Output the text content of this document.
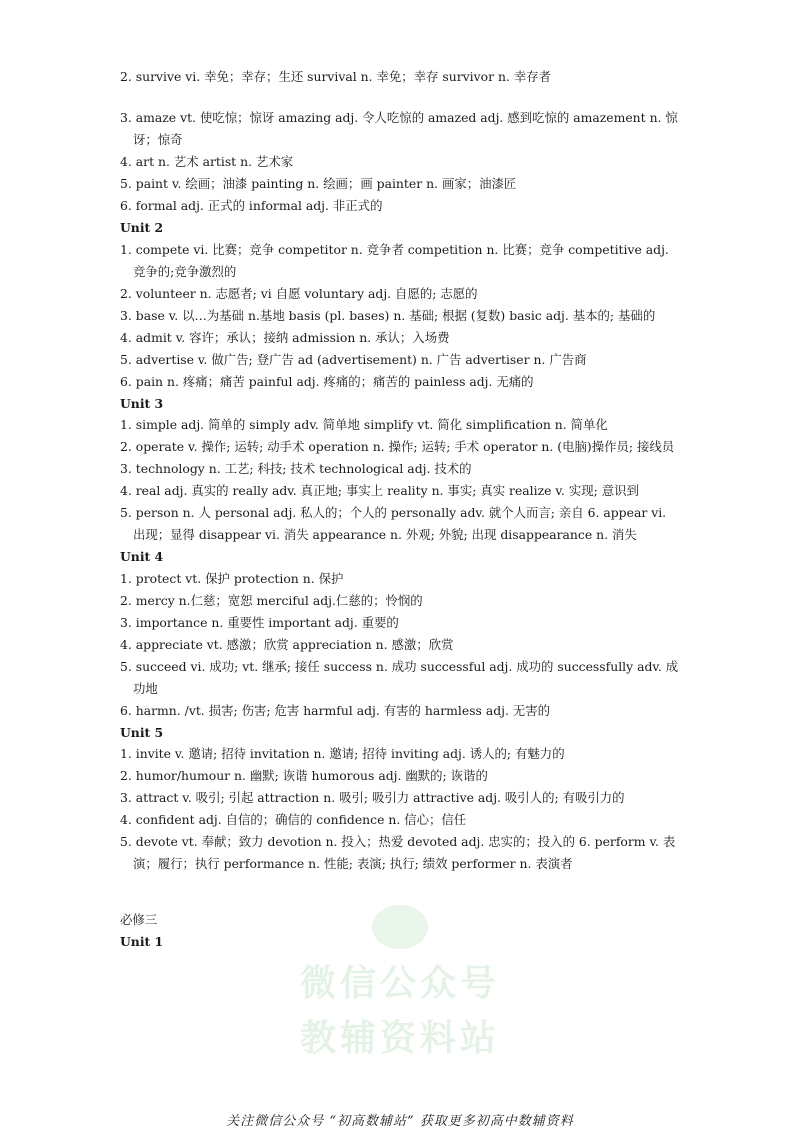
微信公众号
教辅资料站
2. survive vi. 幸免；幸存；生还 survival n. 幸免；幸存 survivor n. 幸存者
3. amaze vt. 使吃惊；惊讶 amazing adj. 令人吃惊的 amazed adj. 感到吃惊的 amazement n. 惊讶；惊奇
4. art n. 艺术 artist n. 艺术家
5. paint v. 绘画；油漆 painting n. 绘画；画 painter n. 画家；油漆匠
6. formal adj. 正式的 informal adj. 非正式的
Unit 2
1. compete vi. 比赛；竞争 competitor n. 竞争者 competition n. 比赛；竞争 competitive adj. 竞争的;竞争激烈的
2. volunteer n. 志愿者; vi 自愿 voluntary adj. 自愿的; 志愿的
3. base v. 以…为基础 n.基地 basis (pl. bases) n. 基础; 根据 (复数) basic adj. 基本的; 基础的
4. admit v. 容许；承认；接纳 admission n. 承认；入场费
5. advertise v. 做广告; 登广告 ad (advertisement) n. 广告 advertiser n. 广告商
6. pain n. 疼痛；痛苦 painful adj. 疼痛的；痛苦的 painless adj. 无痛的
Unit 3
1. simple adj. 简单的 simply adv. 简单地 simplify vt. 简化 simplification n. 简单化
2. operate v. 操作; 运转; 动手术 operation n. 操作; 运转; 手术 operator n. (电脑)操作员; 接线员
3. technology n. 工艺; 科技; 技术 technological adj. 技术的
4. real adj. 真实的 really adv. 真正地; 事实上 reality n. 事实; 真实 realize v. 实现; 意识到
5. person n. 人 personal adj. 私人的；个人的 personally adv. 就个人而言; 亲自 6. appear vi. 出现；显得 disappear vi. 消失 appearance n. 外观; 外貌; 出现 disappearance n. 消失
Unit 4
1. protect vt. 保护 protection n. 保护
2. mercy n.仁慈；宽恕 merciful adj.仁慈的；怜悯的
3. importance n. 重要性 important adj. 重要的
4. appreciate vt. 感激；欣赏 appreciation n. 感激；欣赏
5. succeed vi. 成功; vt. 继承; 接任 success n. 成功 successful adj. 成功的 successfully adv. 成功地
6. harmn. /vt. 损害; 伤害; 危害 harmful adj. 有害的 harmless adj. 无害的
Unit 5
1. invite v. 邀请; 招待 invitation n. 邀请; 招待 inviting adj. 诱人的; 有魅力的
2. humor/humour n. 幽默; 诙谐 humorous adj. 幽默的; 诙谐的
3. attract v. 吸引; 引起 attraction n. 吸引; 吸引力 attractive adj. 吸引人的; 有吸引力的
4. confident adj. 自信的；确信的 confidence n. 信心；信任
5. devote vt. 奉献；致力 devotion n. 投入；热爱 devoted adj. 忠实的；投入的 6. perform v. 表演；履行；执行 performance n. 性能; 表演; 执行; 绩效 performer n. 表演者
必修三
Unit 1
关注微信公众号 “初高数辅站” 获取更多初高中数辅资料
